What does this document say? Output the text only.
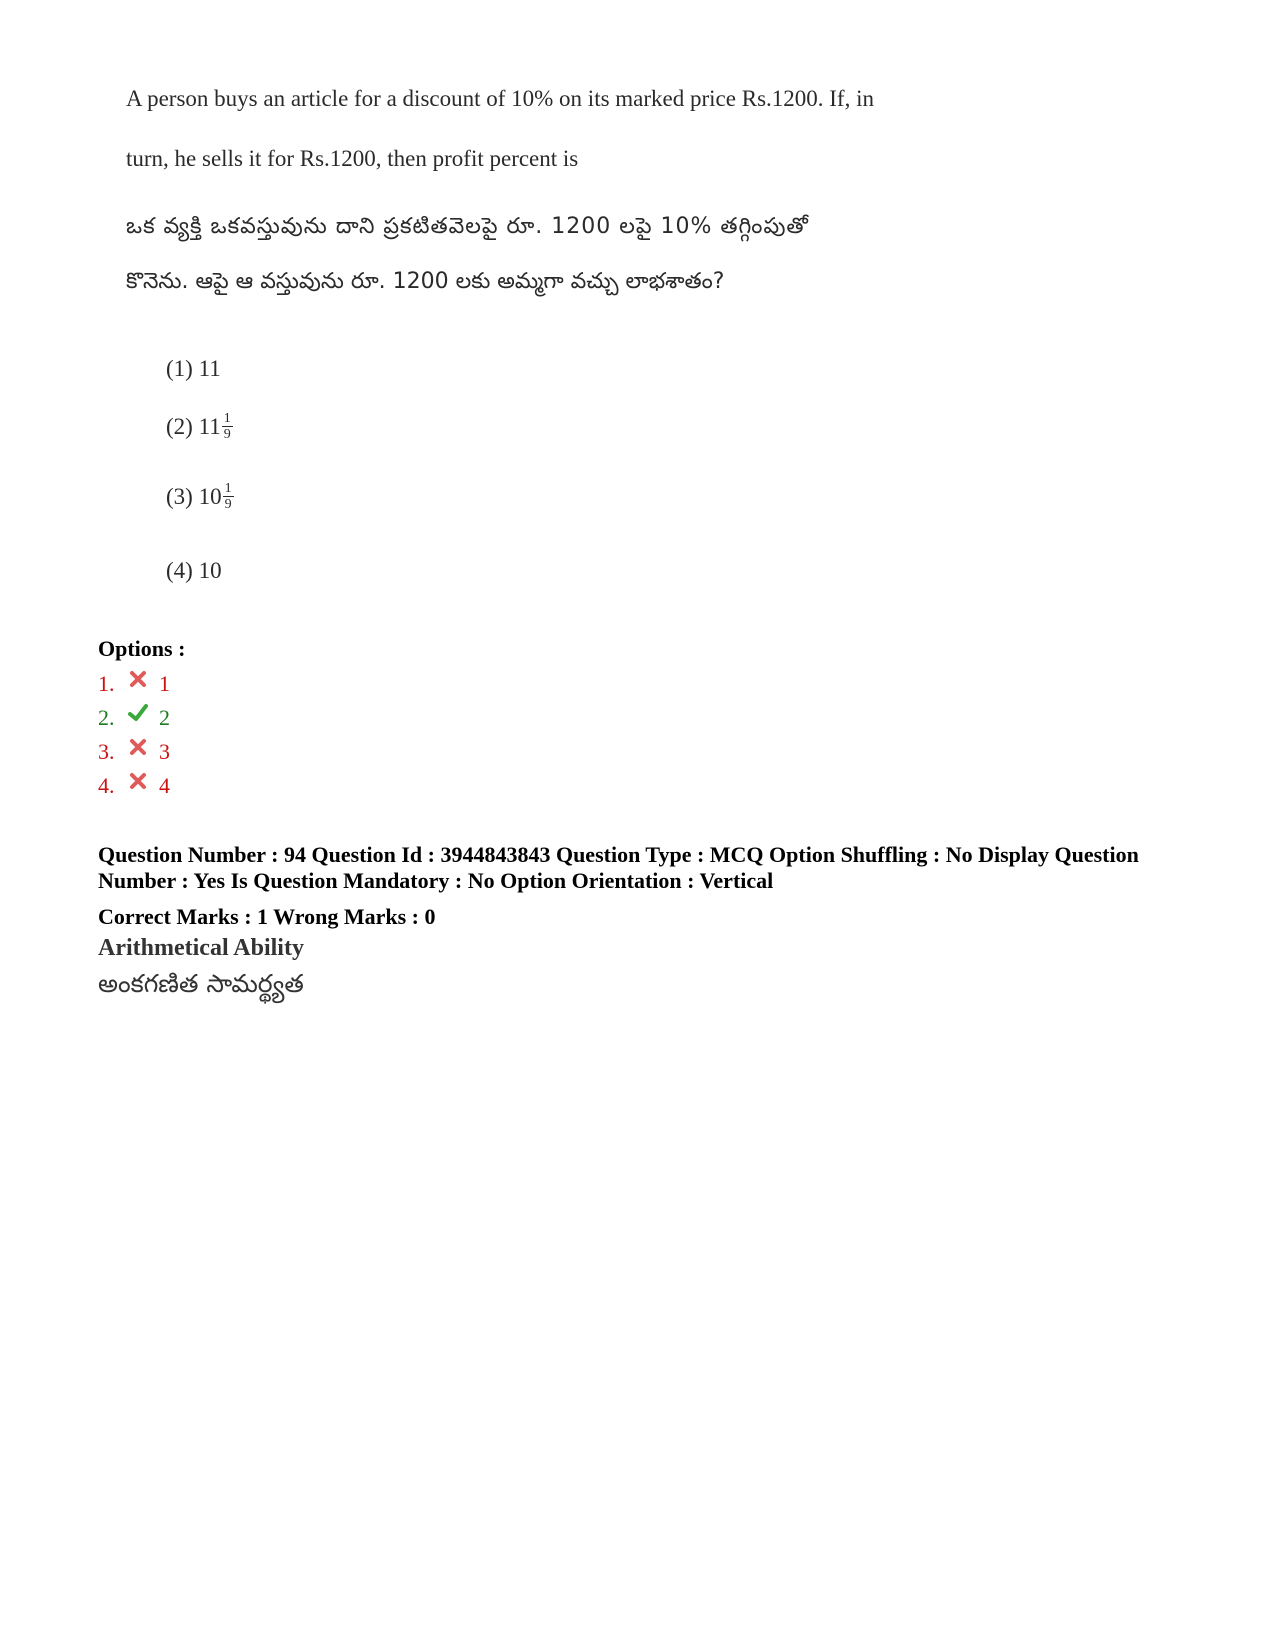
A person buys an article for a discount of 10% on its marked price Rs.1200. If, in

turn, he sells it for Rs.1200, then profit percent is

ఒక వ్యక్తి ఒకవస్తువును దాని ప్రకటితవెలపై రూ. 1200 లపై 10% తగ్గింపుతో

కొనెను. ఆపై ఆ వస్తువును రూ. 1200 లకు అమ్మగా వచ్చు లాభశాతం?

(1) 11
(2) $11 \frac{1}{9}$
(3) $10 \frac{1}{9}$
(4) 10
Options :
1. 1
2. 2
3. 3
4. 4
Question Number : 94 Question Id : 3944843843 Question Type : MCQ Option Shuffling : No Display Question Number : Yes Is Question Mandatory : No Option Orientation : Vertical
Correct Marks : 1 Wrong Marks : 0
Arithmetical Ability
అంకగణిత సామర్థ్యత
